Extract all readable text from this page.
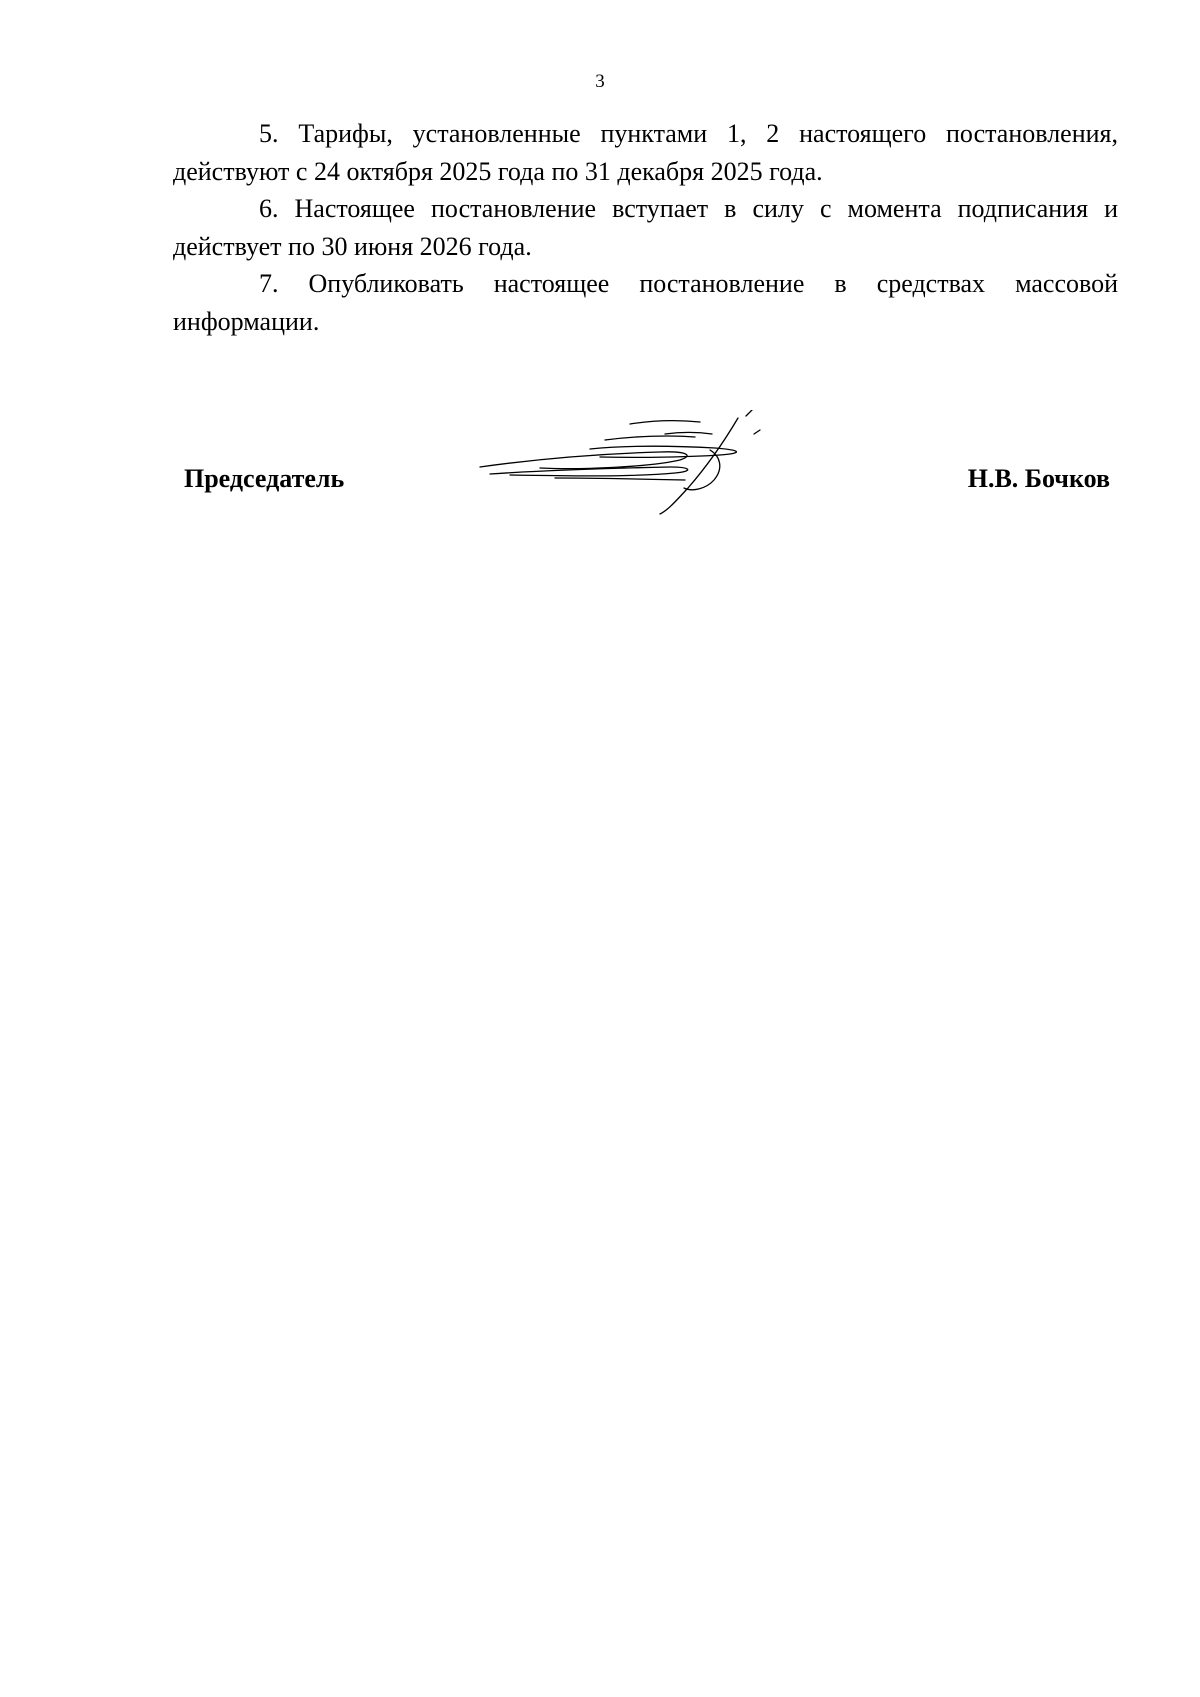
3

5. Тарифы, установленные пунктами 1, 2 настоящего постановления, действуют с 24 октября 2025 года по 31 декабря 2025 года.

6. Настоящее постановление вступает в силу с момента подписания и действует по 30 июня 2026 года.

7. Опубликовать настоящее постановление в средствах массовой информации.

Председатель	Н.В. Бочков
